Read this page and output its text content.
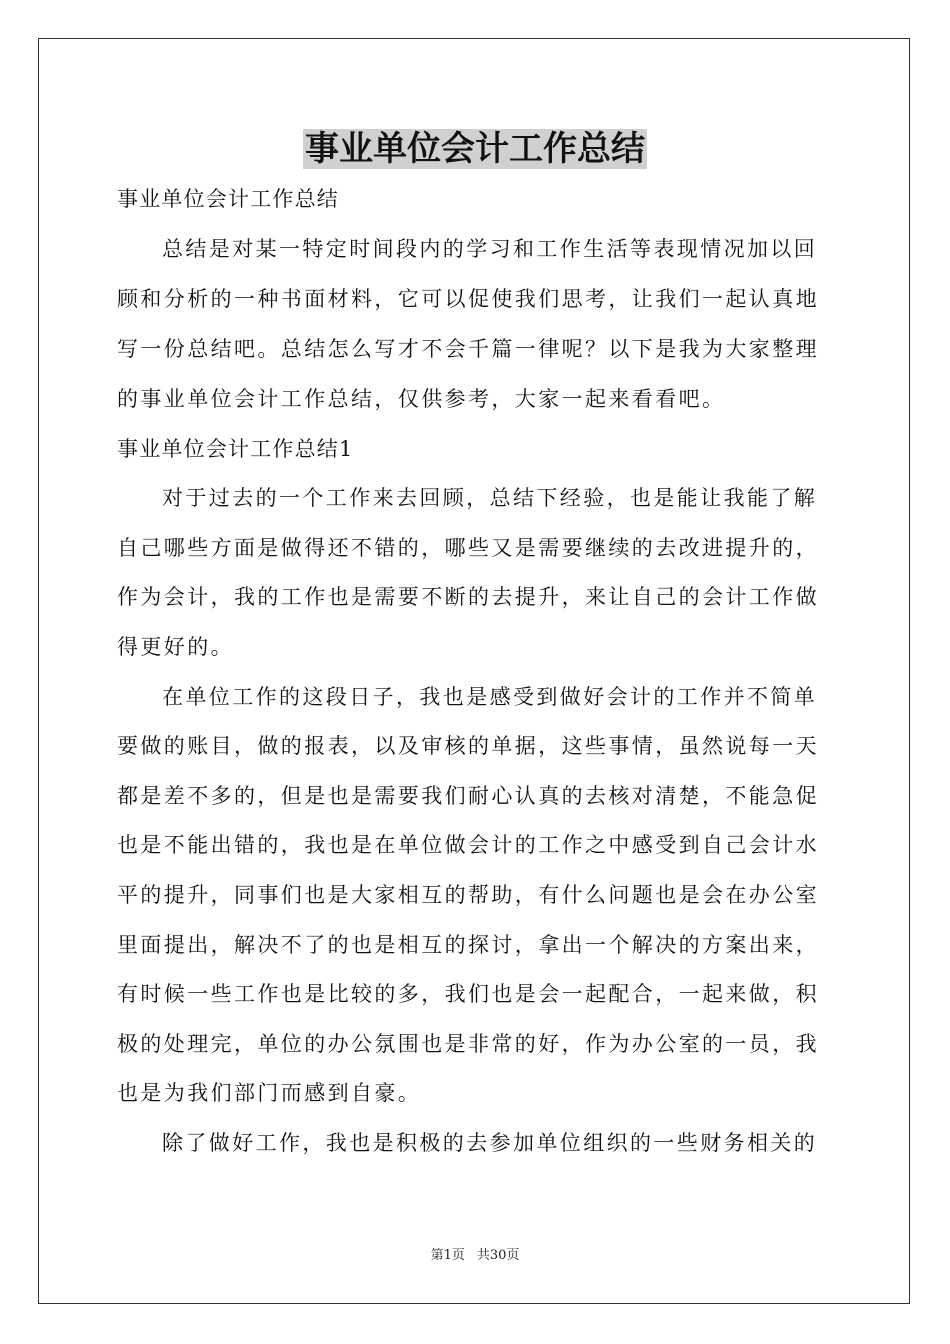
事业单位会计工作总结
事业单位会计工作总结
总结是对某一特定时间段内的学习和工作生活等表现情况加以回
顾和分析的一种书面材料，它可以促使我们思考，让我们一起认真地
写一份总结吧。总结怎么写才不会千篇一律呢？以下是我为大家整理
的事业单位会计工作总结，仅供参考，大家一起来看看吧。
事业单位会计工作总结1
对于过去的一个工作来去回顾，总结下经验，也是能让我能了解
自己哪些方面是做得还不错的，哪些又是需要继续的去改进提升的，
作为会计，我的工作也是需要不断的去提升，来让自己的会计工作做
得更好的。
在单位工作的这段日子，我也是感受到做好会计的工作并不简单
要做的账目，做的报表，以及审核的单据，这些事情，虽然说每一天
都是差不多的，但是也是需要我们耐心认真的去核对清楚，不能急促
也是不能出错的，我也是在单位做会计的工作之中感受到自己会计水
平的提升，同事们也是大家相互的帮助，有什么问题也是会在办公室
里面提出，解决不了的也是相互的探讨，拿出一个解决的方案出来，
有时候一些工作也是比较的多，我们也是会一起配合，一起来做，积
极的处理完，单位的办公氛围也是非常的好，作为办公室的一员，我
也是为我们部门而感到自豪。
除了做好工作，我也是积极的去参加单位组织的一些财务相关的
第1页 共30页
